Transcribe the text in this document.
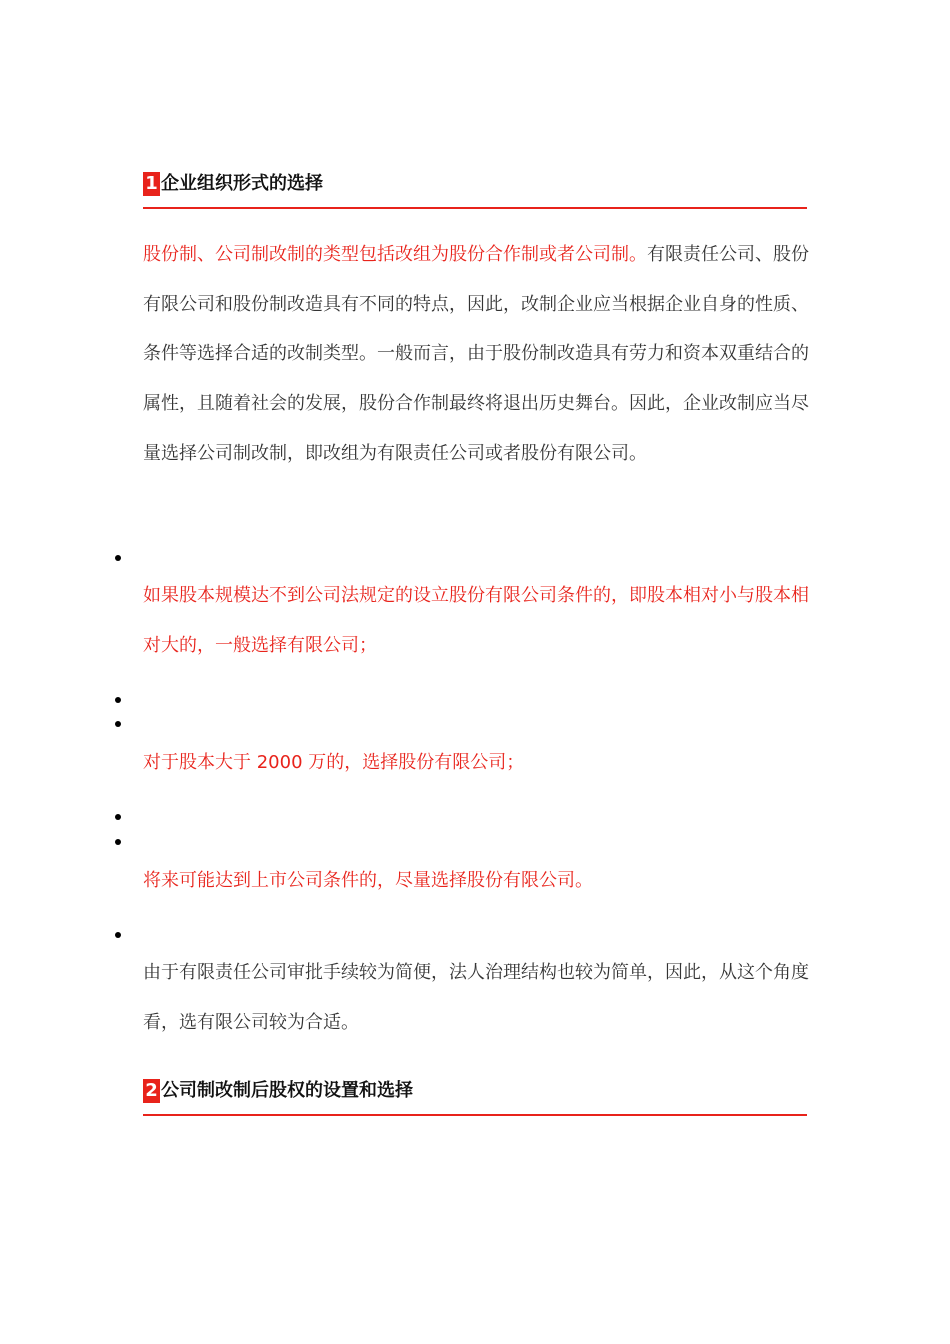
1 企业组织形式的选择

股份制、公司制改制的类型包括改组为股份合作制或者公司制。有限责任公司、股份有限公司和股份制改造具有不同的特点，因此，改制企业应当根据企业自身的性质、条件等选择合适的改制类型。一般而言，由于股份制改造具有劳力和资本双重结合的属性，且随着社会的发展，股份合作制最终将退出历史舞台。因此，企业改制应当尽量选择公司制改制，即改组为有限责任公司或者股份有限公司。

如果股本规模达不到公司法规定的设立股份有限公司条件的，即股本相对小与股本相对大的，一般选择有限公司；

对于股本大于 2000 万的，选择股份有限公司；

将来可能达到上市公司条件的，尽量选择股份有限公司。

由于有限责任公司审批手续较为简便，法人治理结构也较为简单，因此，从这个角度看，选有限公司较为合适。

2 公司制改制后股权的设置和选择
